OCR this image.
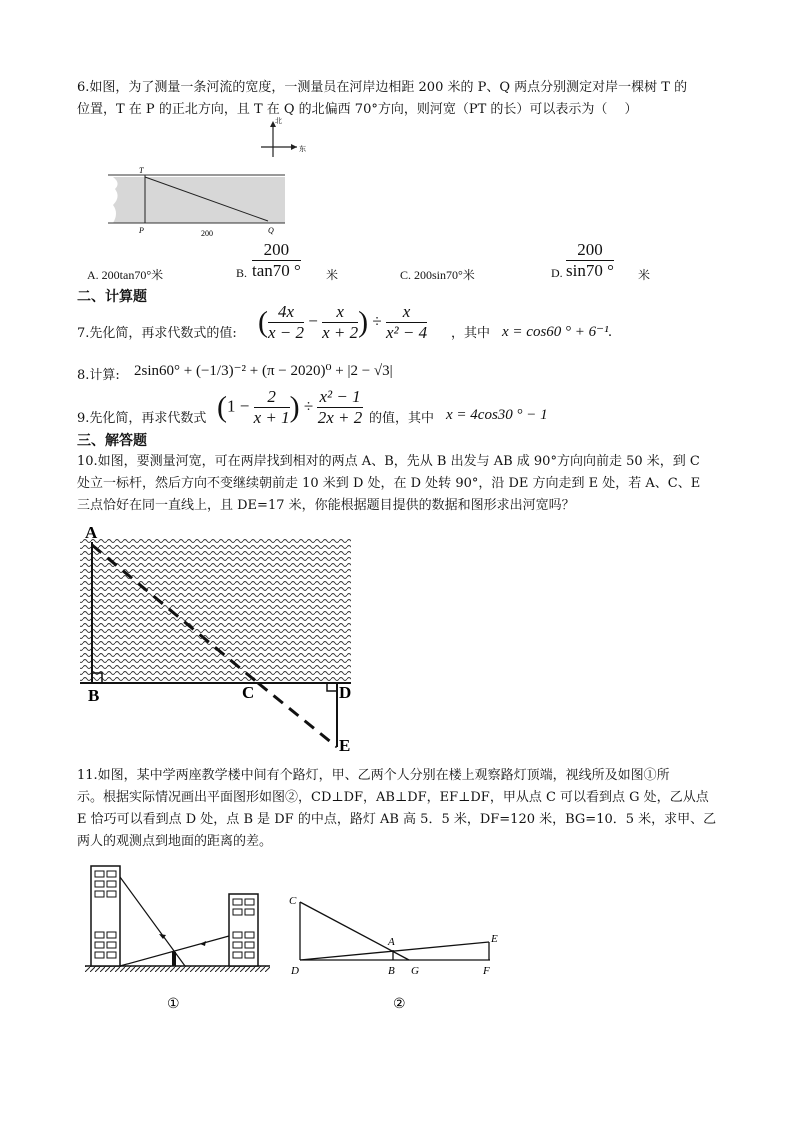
6.如图，为了测量一条河流的宽度，一测量员在河岸边相距 200 米的 P、Q 两点分别测定对岸一棵树 T 的
位置，T 在 P 的正北方向，且 T 在 Q 的北偏西 70°方向，则河宽（PT 的长）可以表示为（　 ）
北
东
T
P	Q
200
A. 200tan70°米	B. $\frac{200}{\tan 70 ^\circ}$ 米	C. 200sin70°米	D. $\frac{200}{\sin 70 ^\circ}$ 米
二、计算题
7.先化简，再求代数式的值: ( $\frac{4x}{x - 2} - \frac{x}{x + 2}$ ) ÷ $\frac{x}{\text{x² − 4}}$ ，其中 x = cos60 ° + 6⁻¹.
8.计算: 2sin60° + (−1/3)⁻² + (π − 2020)⁰ + |2 − √3|
9.先化简，再求代数式 ($1 - \frac{2}{x + 1}$ ) ÷ $\frac{\text{x² − 1}}{2x + 2}$ 的值，其中 x = 4cos30 ° − 1
三、解答题
10.如图，要测量河宽，可在两岸找到相对的两点 A、B，先从 B 出发与 AB 成 90°方向向前走 50 米，到 C
处立一标杆，然后方向不变继续朝前走 10 米到 D 处，在 D 处转 90°，沿 DE 方向走到 E 处，若 A、C、E
三点恰好在同一直线上，且 DE=17 米，你能根据题目提供的数据和图形求出河宽吗？
A
B	C	D
E
11.如图，某中学两座教学楼中间有个路灯，甲、乙两个人分别在楼上观察路灯顶端，视线所及如图①所
示。根据实际情况画出平面图形如图②，CD⊥DF，AB⊥DF，EF⊥DF，甲从点 C 可以看到点 G 处，乙从点
E 恰巧可以看到点 D 处，点 B 是 DF 的中点，路灯 AB 高 5．5 米，DF=120 米，BG=10．5 米，求甲、乙
两人的观测点到地面的距离的差。
①
C
A	E
D	B G	F
②
